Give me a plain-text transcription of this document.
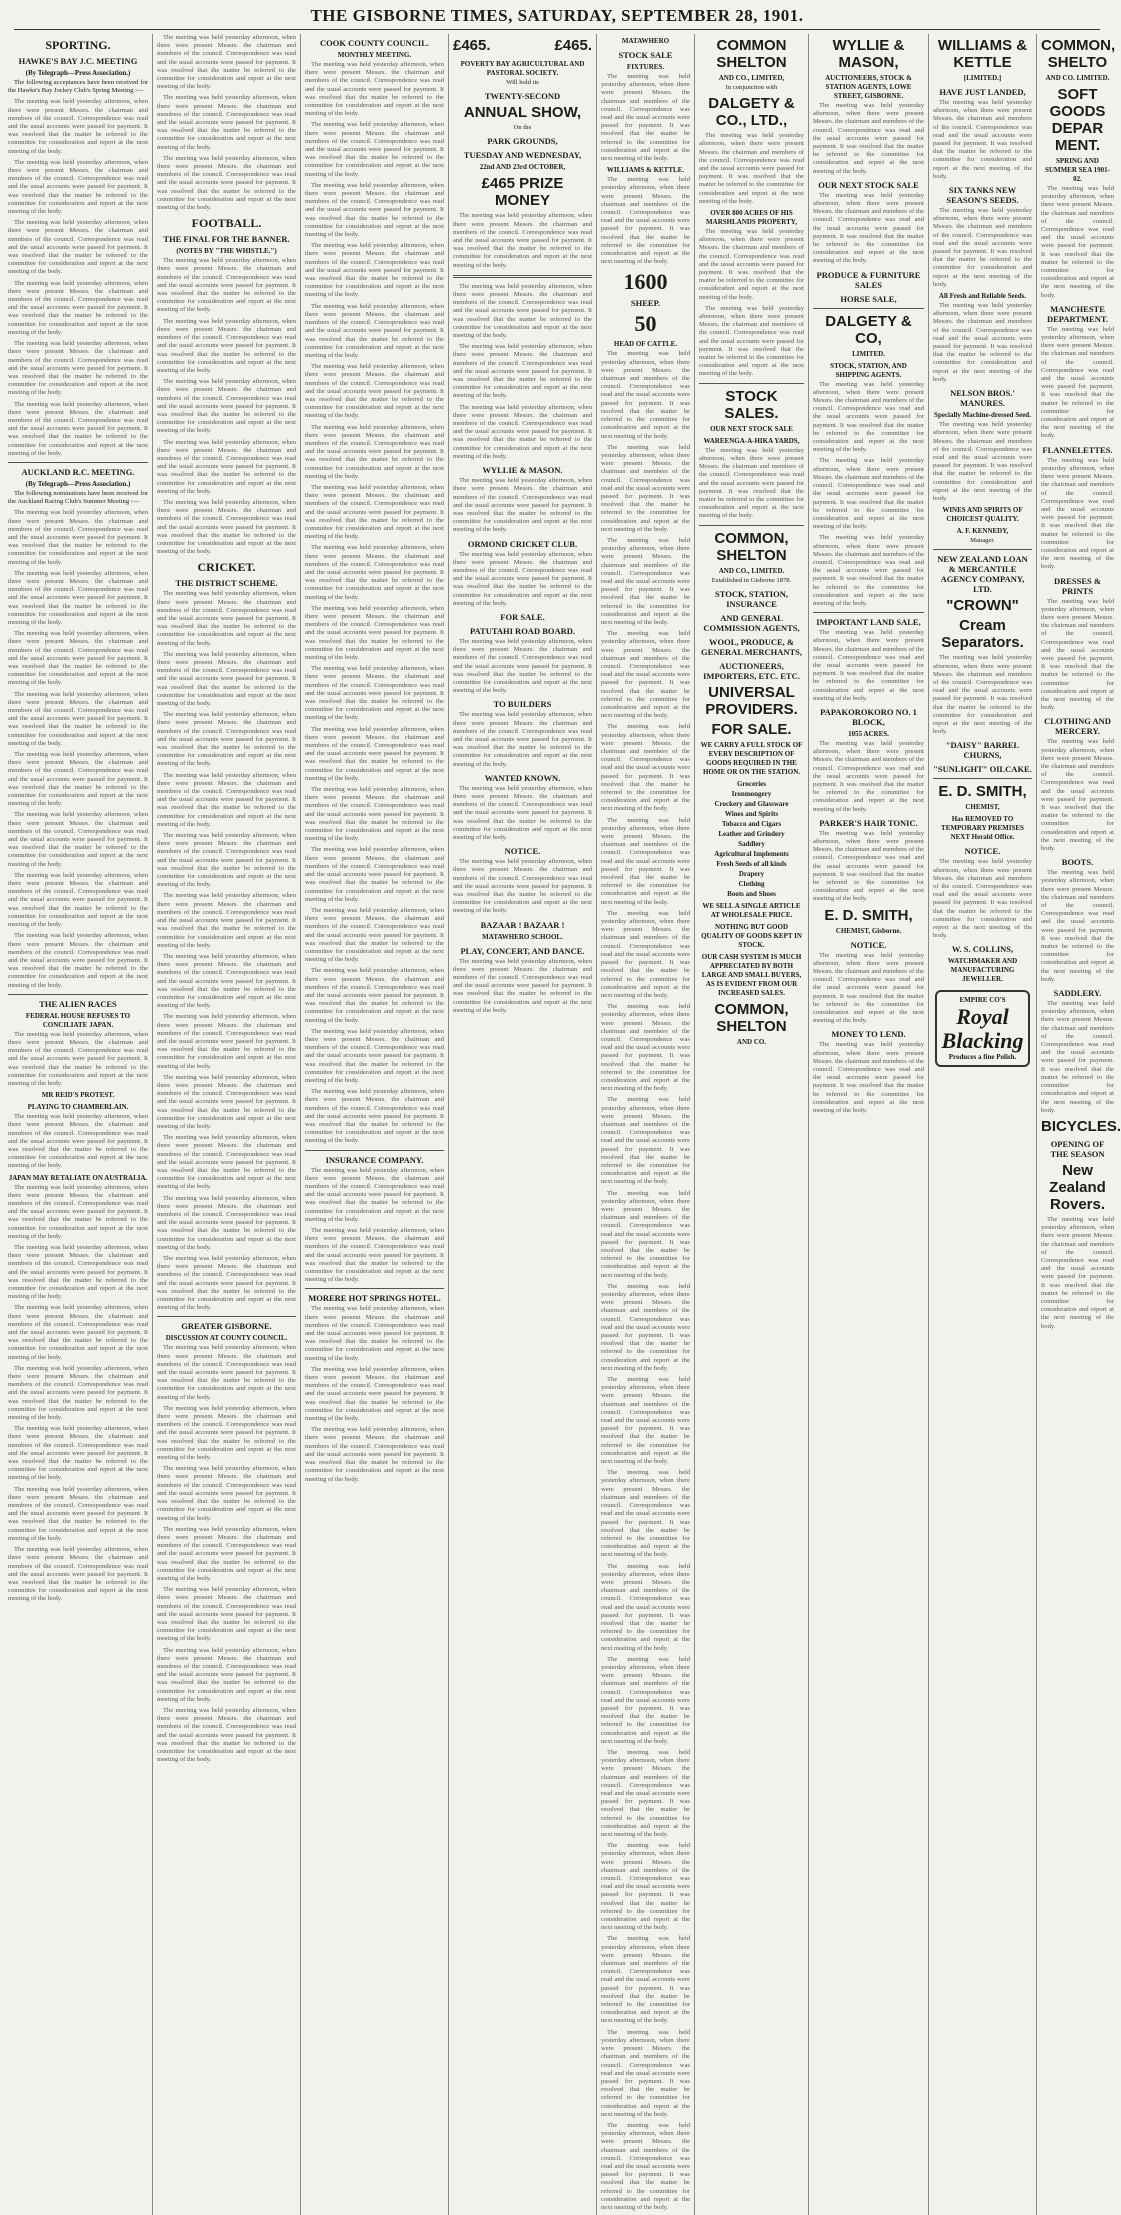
THE GISBORNE TIMES, SATURDAY, SEPTEMBER 28, 1901.
SPORTING.
HAWKE'S BAY J.C. MEETING
(By Telegraph—Press Association.)

The following acceptances have been received for the Hawke's Bay Jockey Club's Spring Meeting :—

The meeting was held yesterday afternoon, when there were present Messrs. the chairman and members of the council. Correspondence was read and the usual accounts were passed for payment. It was resolved that the matter be referred to the committee for consideration and report at the next meeting of the body.

The meeting was held yesterday afternoon, when there were present Messrs. the chairman and members of the council. Correspondence was read and the usual accounts were passed for payment. It was resolved that the matter be referred to the committee for consideration and report at the next meeting of the body.

The meeting was held yesterday afternoon, when there were present Messrs. the chairman and members of the council. Correspondence was read and the usual accounts were passed for payment. It was resolved that the matter be referred to the committee for consideration and report at the next meeting of the body.

The meeting was held yesterday afternoon, when there were present Messrs. the chairman and members of the council. Correspondence was read and the usual accounts were passed for payment. It was resolved that the matter be referred to the committee for consideration and report at the next meeting of the body.

The meeting was held yesterday afternoon, when there were present Messrs. the chairman and members of the council. Correspondence was read and the usual accounts were passed for payment. It was resolved that the matter be referred to the committee for consideration and report at the next meeting of the body.

The meeting was held yesterday afternoon, when there were present Messrs. the chairman and members of the council. Correspondence was read and the usual accounts were passed for payment. It was resolved that the matter be referred to the committee for consideration and report at the next meeting of the body.

AUCKLAND R.C. MEETING.
(By Telegraph—Press Association.)

The following nominations have been received for the Auckland Racing Club's Summer Meeting :—

The meeting was held yesterday afternoon, when there were present Messrs. the chairman and members of the council. Correspondence was read and the usual accounts were passed for payment. It was resolved that the matter be referred to the committee for consideration and report at the next meeting of the body.

The meeting was held yesterday afternoon, when there were present Messrs. the chairman and members of the council. Correspondence was read and the usual accounts were passed for payment. It was resolved that the matter be referred to the committee for consideration and report at the next meeting of the body.

The meeting was held yesterday afternoon, when there were present Messrs. the chairman and members of the council. Correspondence was read and the usual accounts were passed for payment. It was resolved that the matter be referred to the committee for consideration and report at the next meeting of the body.

The meeting was held yesterday afternoon, when there were present Messrs. the chairman and members of the council. Correspondence was read and the usual accounts were passed for payment. It was resolved that the matter be referred to the committee for consideration and report at the next meeting of the body.

The meeting was held yesterday afternoon, when there were present Messrs. the chairman and members of the council. Correspondence was read and the usual accounts were passed for payment. It was resolved that the matter be referred to the committee for consideration and report at the next meeting of the body.

The meeting was held yesterday afternoon, when there were present Messrs. the chairman and members of the council. Correspondence was read and the usual accounts were passed for payment. It was resolved that the matter be referred to the committee for consideration and report at the next meeting of the body.

The meeting was held yesterday afternoon, when there were present Messrs. the chairman and members of the council. Correspondence was read and the usual accounts were passed for payment. It was resolved that the matter be referred to the committee for consideration and report at the next meeting of the body.

The meeting was held yesterday afternoon, when there were present Messrs. the chairman and members of the council. Correspondence was read and the usual accounts were passed for payment. It was resolved that the matter be referred to the committee for consideration and report at the next meeting of the body.

THE ALIEN RACES
FEDERAL HOUSE REFUSES TO CONCILIATE JAPAN.

The meeting was held yesterday afternoon, when there were present Messrs. the chairman and members of the council. Correspondence was read and the usual accounts were passed for payment. It was resolved that the matter be referred to the committee for consideration and report at the next meeting of the body.

MR REID'S PROTEST.
PLAYING TO CHAMBERLAIN.

The meeting was held yesterday afternoon, when there were present Messrs. the chairman and members of the council. Correspondence was read and the usual accounts were passed for payment. It was resolved that the matter be referred to the committee for consideration and report at the next meeting of the body.

JAPAN MAY RETALIATE ON AUSTRALIA.

The meeting was held yesterday afternoon, when there were present Messrs. the chairman and members of the council. Correspondence was read and the usual accounts were passed for payment. It was resolved that the matter be referred to the committee for consideration and report at the next meeting of the body.

The meeting was held yesterday afternoon, when there were present Messrs. the chairman and members of the council. Correspondence was read and the usual accounts were passed for payment. It was resolved that the matter be referred to the committee for consideration and report at the next meeting of the body.

The meeting was held yesterday afternoon, when there were present Messrs. the chairman and members of the council. Correspondence was read and the usual accounts were passed for payment. It was resolved that the matter be referred to the committee for consideration and report at the next meeting of the body.

The meeting was held yesterday afternoon, when there were present Messrs. the chairman and members of the council. Correspondence was read and the usual accounts were passed for payment. It was resolved that the matter be referred to the committee for consideration and report at the next meeting of the body.

The meeting was held yesterday afternoon, when there were present Messrs. the chairman and members of the council. Correspondence was read and the usual accounts were passed for payment. It was resolved that the matter be referred to the committee for consideration and report at the next meeting of the body.

The meeting was held yesterday afternoon, when there were present Messrs. the chairman and members of the council. Correspondence was read and the usual accounts were passed for payment. It was resolved that the matter be referred to the committee for consideration and report at the next meeting of the body.

The meeting was held yesterday afternoon, when there were present Messrs. the chairman and members of the council. Correspondence was read and the usual accounts were passed for payment. It was resolved that the matter be referred to the committee for consideration and report at the next meeting of the body.

The meeting was held yesterday afternoon, when there were present Messrs. the chairman and members of the council. Correspondence was read and the usual accounts were passed for payment. It was resolved that the matter be referred to the committee for consideration and report at the next meeting of the body.

The meeting was held yesterday afternoon, when there were present Messrs. the chairman and members of the council. Correspondence was read and the usual accounts were passed for payment. It was resolved that the matter be referred to the committee for consideration and report at the next meeting of the body.

The meeting was held yesterday afternoon, when there were present Messrs. the chairman and members of the council. Correspondence was read and the usual accounts were passed for payment. It was resolved that the matter be referred to the committee for consideration and report at the next meeting of the body.

FOOTBALL.
THE FINAL FOR THE BANNER.
(NOTES BY "THE WHISTLE.")

The meeting was held yesterday afternoon, when there were present Messrs. the chairman and members of the council. Correspondence was read and the usual accounts were passed for payment. It was resolved that the matter be referred to the committee for consideration and report at the next meeting of the body.

The meeting was held yesterday afternoon, when there were present Messrs. the chairman and members of the council. Correspondence was read and the usual accounts were passed for payment. It was resolved that the matter be referred to the committee for consideration and report at the next meeting of the body.

The meeting was held yesterday afternoon, when there were present Messrs. the chairman and members of the council. Correspondence was read and the usual accounts were passed for payment. It was resolved that the matter be referred to the committee for consideration and report at the next meeting of the body.

The meeting was held yesterday afternoon, when there were present Messrs. the chairman and members of the council. Correspondence was read and the usual accounts were passed for payment. It was resolved that the matter be referred to the committee for consideration and report at the next meeting of the body.

The meeting was held yesterday afternoon, when there were present Messrs. the chairman and members of the council. Correspondence was read and the usual accounts were passed for payment. It was resolved that the matter be referred to the committee for consideration and report at the next meeting of the body.

CRICKET.
THE DISTRICT SCHEME.

The meeting was held yesterday afternoon, when there were present Messrs. the chairman and members of the council. Correspondence was read and the usual accounts were passed for payment. It was resolved that the matter be referred to the committee for consideration and report at the next meeting of the body.

The meeting was held yesterday afternoon, when there were present Messrs. the chairman and members of the council. Correspondence was read and the usual accounts were passed for payment. It was resolved that the matter be referred to the committee for consideration and report at the next meeting of the body.

The meeting was held yesterday afternoon, when there were present Messrs. the chairman and members of the council. Correspondence was read and the usual accounts were passed for payment. It was resolved that the matter be referred to the committee for consideration and report at the next meeting of the body.

The meeting was held yesterday afternoon, when there were present Messrs. the chairman and members of the council. Correspondence was read and the usual accounts were passed for payment. It was resolved that the matter be referred to the committee for consideration and report at the next meeting of the body.

The meeting was held yesterday afternoon, when there were present Messrs. the chairman and members of the council. Correspondence was read and the usual accounts were passed for payment. It was resolved that the matter be referred to the committee for consideration and report at the next meeting of the body.

The meeting was held yesterday afternoon, when there were present Messrs. the chairman and members of the council. Correspondence was read and the usual accounts were passed for payment. It was resolved that the matter be referred to the committee for consideration and report at the next meeting of the body.

The meeting was held yesterday afternoon, when there were present Messrs. the chairman and members of the council. Correspondence was read and the usual accounts were passed for payment. It was resolved that the matter be referred to the committee for consideration and report at the next meeting of the body.

The meeting was held yesterday afternoon, when there were present Messrs. the chairman and members of the council. Correspondence was read and the usual accounts were passed for payment. It was resolved that the matter be referred to the committee for consideration and report at the next meeting of the body.

The meeting was held yesterday afternoon, when there were present Messrs. the chairman and members of the council. Correspondence was read and the usual accounts were passed for payment. It was resolved that the matter be referred to the committee for consideration and report at the next meeting of the body.

The meeting was held yesterday afternoon, when there were present Messrs. the chairman and members of the council. Correspondence was read and the usual accounts were passed for payment. It was resolved that the matter be referred to the committee for consideration and report at the next meeting of the body.

The meeting was held yesterday afternoon, when there were present Messrs. the chairman and members of the council. Correspondence was read and the usual accounts were passed for payment. It was resolved that the matter be referred to the committee for consideration and report at the next meeting of the body.

The meeting was held yesterday afternoon, when there were present Messrs. the chairman and members of the council. Correspondence was read and the usual accounts were passed for payment. It was resolved that the matter be referred to the committee for consideration and report at the next meeting of the body.

GREATER GISBORNE.
DISCUSSION AT COUNTY COUNCIL.

The meeting was held yesterday afternoon, when there were present Messrs. the chairman and members of the council. Correspondence was read and the usual accounts were passed for payment. It was resolved that the matter be referred to the committee for consideration and report at the next meeting of the body.

The meeting was held yesterday afternoon, when there were present Messrs. the chairman and members of the council. Correspondence was read and the usual accounts were passed for payment. It was resolved that the matter be referred to the committee for consideration and report at the next meeting of the body.

The meeting was held yesterday afternoon, when there were present Messrs. the chairman and members of the council. Correspondence was read and the usual accounts were passed for payment. It was resolved that the matter be referred to the committee for consideration and report at the next meeting of the body.

The meeting was held yesterday afternoon, when there were present Messrs. the chairman and members of the council. Correspondence was read and the usual accounts were passed for payment. It was resolved that the matter be referred to the committee for consideration and report at the next meeting of the body.

The meeting was held yesterday afternoon, when there were present Messrs. the chairman and members of the council. Correspondence was read and the usual accounts were passed for payment. It was resolved that the matter be referred to the committee for consideration and report at the next meeting of the body.

The meeting was held yesterday afternoon, when there were present Messrs. the chairman and members of the council. Correspondence was read and the usual accounts were passed for payment. It was resolved that the matter be referred to the committee for consideration and report at the next meeting of the body.

The meeting was held yesterday afternoon, when there were present Messrs. the chairman and members of the council. Correspondence was read and the usual accounts were passed for payment. It was resolved that the matter be referred to the committee for consideration and report at the next meeting of the body.

COOK COUNTY COUNCIL.
MONTHLY MEETING.

The meeting was held yesterday afternoon, when there were present Messrs. the chairman and members of the council. Correspondence was read and the usual accounts were passed for payment. It was resolved that the matter be referred to the committee for consideration and report at the next meeting of the body.

The meeting was held yesterday afternoon, when there were present Messrs. the chairman and members of the council. Correspondence was read and the usual accounts were passed for payment. It was resolved that the matter be referred to the committee for consideration and report at the next meeting of the body.

The meeting was held yesterday afternoon, when there were present Messrs. the chairman and members of the council. Correspondence was read and the usual accounts were passed for payment. It was resolved that the matter be referred to the committee for consideration and report at the next meeting of the body.

The meeting was held yesterday afternoon, when there were present Messrs. the chairman and members of the council. Correspondence was read and the usual accounts were passed for payment. It was resolved that the matter be referred to the committee for consideration and report at the next meeting of the body.

The meeting was held yesterday afternoon, when there were present Messrs. the chairman and members of the council. Correspondence was read and the usual accounts were passed for payment. It was resolved that the matter be referred to the committee for consideration and report at the next meeting of the body.

The meeting was held yesterday afternoon, when there were present Messrs. the chairman and members of the council. Correspondence was read and the usual accounts were passed for payment. It was resolved that the matter be referred to the committee for consideration and report at the next meeting of the body.

The meeting was held yesterday afternoon, when there were present Messrs. the chairman and members of the council. Correspondence was read and the usual accounts were passed for payment. It was resolved that the matter be referred to the committee for consideration and report at the next meeting of the body.

The meeting was held yesterday afternoon, when there were present Messrs. the chairman and members of the council. Correspondence was read and the usual accounts were passed for payment. It was resolved that the matter be referred to the committee for consideration and report at the next meeting of the body.

The meeting was held yesterday afternoon, when there were present Messrs. the chairman and members of the council. Correspondence was read and the usual accounts were passed for payment. It was resolved that the matter be referred to the committee for consideration and report at the next meeting of the body.

The meeting was held yesterday afternoon, when there were present Messrs. the chairman and members of the council. Correspondence was read and the usual accounts were passed for payment. It was resolved that the matter be referred to the committee for consideration and report at the next meeting of the body.

The meeting was held yesterday afternoon, when there were present Messrs. the chairman and members of the council. Correspondence was read and the usual accounts were passed for payment. It was resolved that the matter be referred to the committee for consideration and report at the next meeting of the body.

The meeting was held yesterday afternoon, when there were present Messrs. the chairman and members of the council. Correspondence was read and the usual accounts were passed for payment. It was resolved that the matter be referred to the committee for consideration and report at the next meeting of the body.

The meeting was held yesterday afternoon, when there were present Messrs. the chairman and members of the council. Correspondence was read and the usual accounts were passed for payment. It was resolved that the matter be referred to the committee for consideration and report at the next meeting of the body.

The meeting was held yesterday afternoon, when there were present Messrs. the chairman and members of the council. Correspondence was read and the usual accounts were passed for payment. It was resolved that the matter be referred to the committee for consideration and report at the next meeting of the body.

The meeting was held yesterday afternoon, when there were present Messrs. the chairman and members of the council. Correspondence was read and the usual accounts were passed for payment. It was resolved that the matter be referred to the committee for consideration and report at the next meeting of the body.

The meeting was held yesterday afternoon, when there were present Messrs. the chairman and members of the council. Correspondence was read and the usual accounts were passed for payment. It was resolved that the matter be referred to the committee for consideration and report at the next meeting of the body.

The meeting was held yesterday afternoon, when there were present Messrs. the chairman and members of the council. Correspondence was read and the usual accounts were passed for payment. It was resolved that the matter be referred to the committee for consideration and report at the next meeting of the body.

The meeting was held yesterday afternoon, when there were present Messrs. the chairman and members of the council. Correspondence was read and the usual accounts were passed for payment. It was resolved that the matter be referred to the committee for consideration and report at the next meeting of the body.

INSURANCE COMPANY.

The meeting was held yesterday afternoon, when there were present Messrs. the chairman and members of the council. Correspondence was read and the usual accounts were passed for payment. It was resolved that the matter be referred to the committee for consideration and report at the next meeting of the body.

The meeting was held yesterday afternoon, when there were present Messrs. the chairman and members of the council. Correspondence was read and the usual accounts were passed for payment. It was resolved that the matter be referred to the committee for consideration and report at the next meeting of the body.

MORERE HOT SPRINGS HOTEL.

The meeting was held yesterday afternoon, when there were present Messrs. the chairman and members of the council. Correspondence was read and the usual accounts were passed for payment. It was resolved that the matter be referred to the committee for consideration and report at the next meeting of the body.

The meeting was held yesterday afternoon, when there were present Messrs. the chairman and members of the council. Correspondence was read and the usual accounts were passed for payment. It was resolved that the matter be referred to the committee for consideration and report at the next meeting of the body.

The meeting was held yesterday afternoon, when there were present Messrs. the chairman and members of the council. Correspondence was read and the usual accounts were passed for payment. It was resolved that the matter be referred to the committee for consideration and report at the next meeting of the body.

£465.	£465.
POVERTY BAY AGRICULTURAL AND PASTORAL SOCIETY.
Will hold its
TWENTY-SECOND
ANNUAL SHOW,
On the
PARK GROUNDS,
TUESDAY AND WEDNESDAY,
22nd AND 23rd OCTOBER,
£465 PRIZE MONEY

The meeting was held yesterday afternoon, when there were present Messrs. the chairman and members of the council. Correspondence was read and the usual accounts were passed for payment. It was resolved that the matter be referred to the committee for consideration and report at the next meeting of the body.

The meeting was held yesterday afternoon, when there were present Messrs. the chairman and members of the council. Correspondence was read and the usual accounts were passed for payment. It was resolved that the matter be referred to the committee for consideration and report at the next meeting of the body.

The meeting was held yesterday afternoon, when there were present Messrs. the chairman and members of the council. Correspondence was read and the usual accounts were passed for payment. It was resolved that the matter be referred to the committee for consideration and report at the next meeting of the body.

The meeting was held yesterday afternoon, when there were present Messrs. the chairman and members of the council. Correspondence was read and the usual accounts were passed for payment. It was resolved that the matter be referred to the committee for consideration and report at the next meeting of the body.

WYLLIE & MASON.

The meeting was held yesterday afternoon, when there were present Messrs. the chairman and members of the council. Correspondence was read and the usual accounts were passed for payment. It was resolved that the matter be referred to the committee for consideration and report at the next meeting of the body.

ORMOND CRICKET CLUB.

The meeting was held yesterday afternoon, when there were present Messrs. the chairman and members of the council. Correspondence was read and the usual accounts were passed for payment. It was resolved that the matter be referred to the committee for consideration and report at the next meeting of the body.

FOR SALE.
PATUTAHI ROAD BOARD.

The meeting was held yesterday afternoon, when there were present Messrs. the chairman and members of the council. Correspondence was read and the usual accounts were passed for payment. It was resolved that the matter be referred to the committee for consideration and report at the next meeting of the body.

TO BUILDERS

The meeting was held yesterday afternoon, when there were present Messrs. the chairman and members of the council. Correspondence was read and the usual accounts were passed for payment. It was resolved that the matter be referred to the committee for consideration and report at the next meeting of the body.

WANTED KNOWN.

The meeting was held yesterday afternoon, when there were present Messrs. the chairman and members of the council. Correspondence was read and the usual accounts were passed for payment. It was resolved that the matter be referred to the committee for consideration and report at the next meeting of the body.

NOTICE.

The meeting was held yesterday afternoon, when there were present Messrs. the chairman and members of the council. Correspondence was read and the usual accounts were passed for payment. It was resolved that the matter be referred to the committee for consideration and report at the next meeting of the body.

BAZAAR ! BAZAAR !
MATAWHERO SCHOOL.
PLAY, CONCERT, AND DANCE.

The meeting was held yesterday afternoon, when there were present Messrs. the chairman and members of the council. Correspondence was read and the usual accounts were passed for payment. It was resolved that the matter be referred to the committee for consideration and report at the next meeting of the body.

MATAWHERO
STOCK SALE
FIXTURES.

The meeting was held yesterday afternoon, when there were present Messrs. the chairman and members of the council. Correspondence was read and the usual accounts were passed for payment. It was resolved that the matter be referred to the committee for consideration and report at the next meeting of the body.

WILLIAMS & KETTLE.

The meeting was held yesterday afternoon, when there were present Messrs. the chairman and members of the council. Correspondence was read and the usual accounts were passed for payment. It was resolved that the matter be referred to the committee for consideration and report at the next meeting of the body.

1600
SHEEP.
50
HEAD OF CATTLE.

The meeting was held yesterday afternoon, when there were present Messrs. the chairman and members of the council. Correspondence was read and the usual accounts were passed for payment. It was resolved that the matter be referred to the committee for consideration and report at the next meeting of the body.

The meeting was held yesterday afternoon, when there were present Messrs. the chairman and members of the council. Correspondence was read and the usual accounts were passed for payment. It was resolved that the matter be referred to the committee for consideration and report at the next meeting of the body.

The meeting was held yesterday afternoon, when there were present Messrs. the chairman and members of the council. Correspondence was read and the usual accounts were passed for payment. It was resolved that the matter be referred to the committee for consideration and report at the next meeting of the body.

The meeting was held yesterday afternoon, when there were present Messrs. the chairman and members of the council. Correspondence was read and the usual accounts were passed for payment. It was resolved that the matter be referred to the committee for consideration and report at the next meeting of the body.

The meeting was held yesterday afternoon, when there were present Messrs. the chairman and members of the council. Correspondence was read and the usual accounts were passed for payment. It was resolved that the matter be referred to the committee for consideration and report at the next meeting of the body.

The meeting was held yesterday afternoon, when there were present Messrs. the chairman and members of the council. Correspondence was read and the usual accounts were passed for payment. It was resolved that the matter be referred to the committee for consideration and report at the next meeting of the body.

The meeting was held yesterday afternoon, when there were present Messrs. the chairman and members of the council. Correspondence was read and the usual accounts were passed for payment. It was resolved that the matter be referred to the committee for consideration and report at the next meeting of the body.

The meeting was held yesterday afternoon, when there were present Messrs. the chairman and members of the council. Correspondence was read and the usual accounts were passed for payment. It was resolved that the matter be referred to the committee for consideration and report at the next meeting of the body.

The meeting was held yesterday afternoon, when there were present Messrs. the chairman and members of the council. Correspondence was read and the usual accounts were passed for payment. It was resolved that the matter be referred to the committee for consideration and report at the next meeting of the body.

The meeting was held yesterday afternoon, when there were present Messrs. the chairman and members of the council. Correspondence was read and the usual accounts were passed for payment. It was resolved that the matter be referred to the committee for consideration and report at the next meeting of the body.

The meeting was held yesterday afternoon, when there were present Messrs. the chairman and members of the council. Correspondence was read and the usual accounts were passed for payment. It was resolved that the matter be referred to the committee for consideration and report at the next meeting of the body.

The meeting was held yesterday afternoon, when there were present Messrs. the chairman and members of the council. Correspondence was read and the usual accounts were passed for payment. It was resolved that the matter be referred to the committee for consideration and report at the next meeting of the body.

The meeting was held yesterday afternoon, when there were present Messrs. the chairman and members of the council. Correspondence was read and the usual accounts were passed for payment. It was resolved that the matter be referred to the committee for consideration and report at the next meeting of the body.

The meeting was held yesterday afternoon, when there were present Messrs. the chairman and members of the council. Correspondence was read and the usual accounts were passed for payment. It was resolved that the matter be referred to the committee for consideration and report at the next meeting of the body.

The meeting was held yesterday afternoon, when there were present Messrs. the chairman and members of the council. Correspondence was read and the usual accounts were passed for payment. It was resolved that the matter be referred to the committee for consideration and report at the next meeting of the body.

The meeting was held yesterday afternoon, when there were present Messrs. the chairman and members of the council. Correspondence was read and the usual accounts were passed for payment. It was resolved that the matter be referred to the committee for consideration and report at the next meeting of the body.

The meeting was held yesterday afternoon, when there were present Messrs. the chairman and members of the council. Correspondence was read and the usual accounts were passed for payment. It was resolved that the matter be referred to the committee for consideration and report at the next meeting of the body.

The meeting was held yesterday afternoon, when there were present Messrs. the chairman and members of the council. Correspondence was read and the usual accounts were passed for payment. It was resolved that the matter be referred to the committee for consideration and report at the next meeting of the body.

The meeting was held yesterday afternoon, when there were present Messrs. the chairman and members of the council. Correspondence was read and the usual accounts were passed for payment. It was resolved that the matter be referred to the committee for consideration and report at the next meeting of the body.

The meeting was held yesterday afternoon, when there were present Messrs. the chairman and members of the council. Correspondence was read and the usual accounts were passed for payment. It was resolved that the matter be referred to the committee for consideration and report at the next meeting of the body.

COMMON SHELTON
AND CO., LIMITED,
In conjunction with
DALGETY & CO., LTD.,

The meeting was held yesterday afternoon, when there were present Messrs. the chairman and members of the council. Correspondence was read and the usual accounts were passed for payment. It was resolved that the matter be referred to the committee for consideration and report at the next meeting of the body.

OVER 800 ACRES OF HIS MARSHLANDS PROPERTY,

The meeting was held yesterday afternoon, when there were present Messrs. the chairman and members of the council. Correspondence was read and the usual accounts were passed for payment. It was resolved that the matter be referred to the committee for consideration and report at the next meeting of the body.

The meeting was held yesterday afternoon, when there were present Messrs. the chairman and members of the council. Correspondence was read and the usual accounts were passed for payment. It was resolved that the matter be referred to the committee for consideration and report at the next meeting of the body.

STOCK SALES.
OUR NEXT STOCK SALE
WAREENGA-A-HIKA YARDS,

The meeting was held yesterday afternoon, when there were present Messrs. the chairman and members of the council. Correspondence was read and the usual accounts were passed for payment. It was resolved that the matter be referred to the committee for consideration and report at the next meeting of the body.

COMMON, SHELTON
AND CO., LIMITED.
Established in Gisborne 1878.
STOCK, STATION, INSURANCE
AND GENERAL COMMISSION AGENTS,
WOOL, PRODUCE, & GENERAL MERCHANTS,
AUCTIONEERS, IMPORTERS, ETC. ETC.
UNIVERSAL PROVIDERS.
FOR SALE.
WE CARRY A FULL STOCK OF EVERY DESCRIPTION OF GOODS REQUIRED IN THE HOME OR ON THE STATION.
Groceries
Ironmongery
Crockery and Glassware
Wines and Spirits
Tobacco and Cigars
Leather and Grindery
Saddlery
Agricultural Implements
Fresh Seeds of all kinds
Drapery
Clothing
Boots and Shoes
WE SELL A SINGLE ARTICLE AT WHOLESALE PRICE.
NOTHING BUT GOOD QUALITY OF GOODS KEPT IN STOCK.
OUR CASH SYSTEM IS MUCH APPRECIATED BY BOTH LARGE AND SMALL BUYERS, AS IS EVIDENT FROM OUR INCREASED SALES.
COMMON, SHELTON
AND CO.
WYLLIE & MASON,
AUCTIONEERS, STOCK & STATION AGENTS, LOWE STREET, GISBORNE.

The meeting was held yesterday afternoon, when there were present Messrs. the chairman and members of the council. Correspondence was read and the usual accounts were passed for payment. It was resolved that the matter be referred to the committee for consideration and report at the next meeting of the body.

OUR NEXT STOCK SALE

The meeting was held yesterday afternoon, when there were present Messrs. the chairman and members of the council. Correspondence was read and the usual accounts were passed for payment. It was resolved that the matter be referred to the committee for consideration and report at the next meeting of the body.

PRODUCE & FURNITURE SALES
HORSE SALE,
DALGETY & CO,
LIMITED.
STOCK, STATION, AND SHIPPING AGENTS.

The meeting was held yesterday afternoon, when there were present Messrs. the chairman and members of the council. Correspondence was read and the usual accounts were passed for payment. It was resolved that the matter be referred to the committee for consideration and report at the next meeting of the body.

The meeting was held yesterday afternoon, when there were present Messrs. the chairman and members of the council. Correspondence was read and the usual accounts were passed for payment. It was resolved that the matter be referred to the committee for consideration and report at the next meeting of the body.

The meeting was held yesterday afternoon, when there were present Messrs. the chairman and members of the council. Correspondence was read and the usual accounts were passed for payment. It was resolved that the matter be referred to the committee for consideration and report at the next meeting of the body.

IMPORTANT LAND SALE,

The meeting was held yesterday afternoon, when there were present Messrs. the chairman and members of the council. Correspondence was read and the usual accounts were passed for payment. It was resolved that the matter be referred to the committee for consideration and report at the next meeting of the body.

PAPAKOROKORO NO. 1 BLOCK,
1055 ACRES.

The meeting was held yesterday afternoon, when there were present Messrs. the chairman and members of the council. Correspondence was read and the usual accounts were passed for payment. It was resolved that the matter be referred to the committee for consideration and report at the next meeting of the body.

PARKER'S HAIR TONIC.

The meeting was held yesterday afternoon, when there were present Messrs. the chairman and members of the council. Correspondence was read and the usual accounts were passed for payment. It was resolved that the matter be referred to the committee for consideration and report at the next meeting of the body.

E. D. SMITH,
CHEMIST, Gisborne.
NOTICE.

The meeting was held yesterday afternoon, when there were present Messrs. the chairman and members of the council. Correspondence was read and the usual accounts were passed for payment. It was resolved that the matter be referred to the committee for consideration and report at the next meeting of the body.

MONEY TO LEND.

The meeting was held yesterday afternoon, when there were present Messrs. the chairman and members of the council. Correspondence was read and the usual accounts were passed for payment. It was resolved that the matter be referred to the committee for consideration and report at the next meeting of the body.

WILLIAMS & KETTLE
[LIMITED.]
HAVE JUST LANDED,

The meeting was held yesterday afternoon, when there were present Messrs. the chairman and members of the council. Correspondence was read and the usual accounts were passed for payment. It was resolved that the matter be referred to the committee for consideration and report at the next meeting of the body.

SIX TANKS NEW SEASON'S SEEDS.

The meeting was held yesterday afternoon, when there were present Messrs. the chairman and members of the council. Correspondence was read and the usual accounts were passed for payment. It was resolved that the matter be referred to the committee for consideration and report at the next meeting of the body.

All Fresh and Reliable Seeds.

The meeting was held yesterday afternoon, when there were present Messrs. the chairman and members of the council. Correspondence was read and the usual accounts were passed for payment. It was resolved that the matter be referred to the committee for consideration and report at the next meeting of the body.

NELSON BROS.' MANURES.
Specially Machine-dressed Seed.

The meeting was held yesterday afternoon, when there were present Messrs. the chairman and members of the council. Correspondence was read and the usual accounts were passed for payment. It was resolved that the matter be referred to the committee for consideration and report at the next meeting of the body.

WINES AND SPIRITS OF CHOICEST QUALITY.
A. F. KENNEDY,
Manager.
NEW ZEALAND LOAN & MERCANTILE AGENCY COMPANY, LTD.
"CROWN"
Cream Separators.

The meeting was held yesterday afternoon, when there were present Messrs. the chairman and members of the council. Correspondence was read and the usual accounts were passed for payment. It was resolved that the matter be referred to the committee for consideration and report at the next meeting of the body.

"DAISY" BARREL CHURNS,
"SUNLIGHT" OILCAKE.
E. D. SMITH,
CHEMIST,
Has REMOVED TO TEMPORARY PREMISES NEXT Herald Office.
NOTICE.

The meeting was held yesterday afternoon, when there were present Messrs. the chairman and members of the council. Correspondence was read and the usual accounts were passed for payment. It was resolved that the matter be referred to the committee for consideration and report at the next meeting of the body.

W. S. COLLINS,
WATCHMAKER AND MANUFACTURING JEWELLER.
EMPIRE CO'S
Royal Blacking
Produces a fine Polish.
COMMON, SHELTO
AND CO. LIMITED.
SOFT GOODS DEPAR MENT.
SPRING AND SUMMER SEA 1901-02.

The meeting was held yesterday afternoon, when there were present Messrs. the chairman and members of the council. Correspondence was read and the usual accounts were passed for payment. It was resolved that the matter be referred to the committee for consideration and report at the next meeting of the body.

MANCHESTE DEPARTMENT.

The meeting was held yesterday afternoon, when there were present Messrs. the chairman and members of the council. Correspondence was read and the usual accounts were passed for payment. It was resolved that the matter be referred to the committee for consideration and report at the next meeting of the body.

FLANNELETTES.

The meeting was held yesterday afternoon, when there were present Messrs. the chairman and members of the council. Correspondence was read and the usual accounts were passed for payment. It was resolved that the matter be referred to the committee for consideration and report at the next meeting of the body.

DRESSES & PRINTS

The meeting was held yesterday afternoon, when there were present Messrs. the chairman and members of the council. Correspondence was read and the usual accounts were passed for payment. It was resolved that the matter be referred to the committee for consideration and report at the next meeting of the body.

CLOTHING AND MERCERY.

The meeting was held yesterday afternoon, when there were present Messrs. the chairman and members of the council. Correspondence was read and the usual accounts were passed for payment. It was resolved that the matter be referred to the committee for consideration and report at the next meeting of the body.

BOOTS.

The meeting was held yesterday afternoon, when there were present Messrs. the chairman and members of the council. Correspondence was read and the usual accounts were passed for payment. It was resolved that the matter be referred to the committee for consideration and report at the next meeting of the body.

SADDLERY.

The meeting was held yesterday afternoon, when there were present Messrs. the chairman and members of the council. Correspondence was read and the usual accounts were passed for payment. It was resolved that the matter be referred to the committee for consideration and report at the next meeting of the body.

BICYCLES.
OPENING OF THE SEASON
New Zealand Rovers.

The meeting was held yesterday afternoon, when there were present Messrs. the chairman and members of the council. Correspondence was read and the usual accounts were passed for payment. It was resolved that the matter be referred to the committee for consideration and report at the next meeting of the body.
